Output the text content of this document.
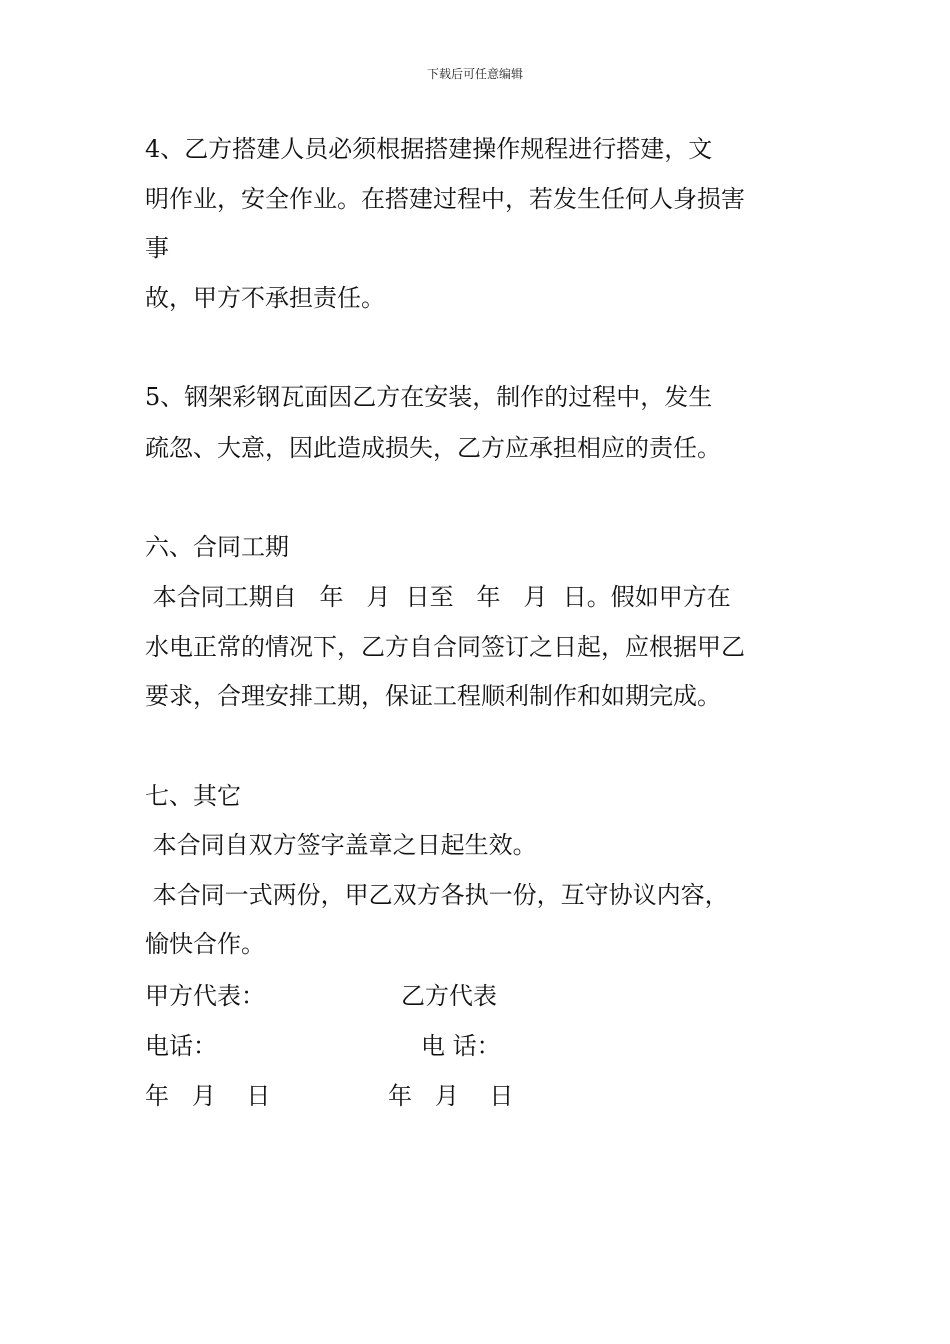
下载后可任意编辑
4、乙方搭建人员必须根据搭建操作规程进行搭建，文
明作业，安全作业。在搭建过程中，若发生任何人身损害
事
故，甲方不承担责任。
5、钢架彩钢瓦面因乙方在安装，制作的过程中，发生
疏忽、大意，因此造成损失，乙方应承担相应的责任。
六、合同工期
本合同工期自   年   月  日至   年   月  日。假如甲方在
水电正常的情况下，乙方自合同签订之日起，应根据甲乙
要求，合理安排工期，保证工程顺利制作和如期完成。
七、其它
本合同自双方签字盖章之日起生效。
本合同一式两份，甲乙双方各执一份，互守协议内容，
愉快合作。
甲方代表：	乙方代表
电话：	电 话：
年   月    日	年   月    日
